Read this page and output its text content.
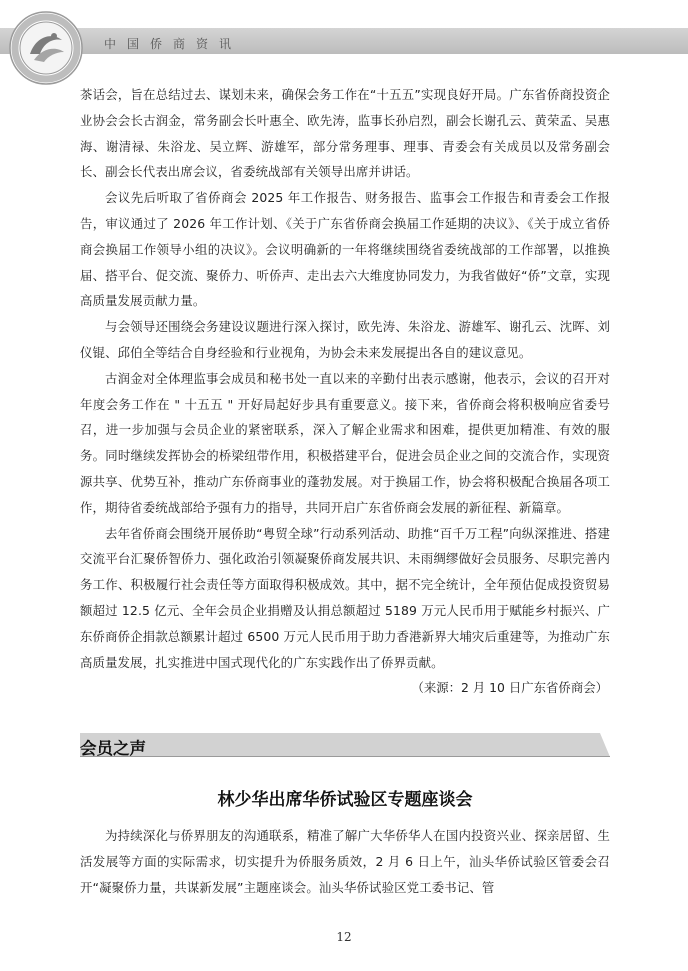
中国侨商资讯

茶话会，旨在总结过去、谋划未来，确保会务工作在“十五五”实现良好开局。广东省侨商投资企业协会会长古润金，常务副会长叶惠全、欧先涛，监事长孙启烈，副会长谢孔云、黄荣孟、吴惠海、谢清禄、朱浴龙、吴立辉、游雄军，部分常务理事、理事、青委会有关成员以及常务副会长、副会长代表出席会议，省委统战部有关领导出席并讲话。

会议先后听取了省侨商会 2025 年工作报告、财务报告、监事会工作报告和青委会工作报告，审议通过了 2026 年工作计划、《关于广东省侨商会换届工作延期的决议》、《关于成立省侨商会换届工作领导小组的决议》。会议明确新的一年将继续围绕省委统战部的工作部署，以推换届、搭平台、促交流、聚侨力、听侨声、走出去六大维度协同发力，为我省做好“侨”文章，实现高质量发展贡献力量。

与会领导还围绕会务建设议题进行深入探讨，欧先涛、朱浴龙、游雄军、谢孔云、沈晖、刘仪锟、邱伯全等结合自身经验和行业视角，为协会未来发展提出各自的建议意见。

古润金对全体理监事会成员和秘书处一直以来的辛勤付出表示感谢，他表示，会议的召开对年度会务工作在 " 十五五 " 开好局起好步具有重要意义。接下来，省侨商会将积极响应省委号召，进一步加强与会员企业的紧密联系，深入了解企业需求和困难，提供更加精准、有效的服务。同时继续发挥协会的桥梁纽带作用，积极搭建平台，促进会员企业之间的交流合作，实现资源共享、优势互补，推动广东侨商事业的蓬勃发展。对于换届工作，协会将积极配合换届各项工作，期待省委统战部给予强有力的指导，共同开启广东省侨商会发展的新征程、新篇章。

去年省侨商会围绕开展侨助“粤贸全球”行动系列活动、助推“百千万工程”向纵深推进、搭建交流平台汇聚侨智侨力、强化政治引领凝聚侨商发展共识、未雨绸缪做好会员服务、尽职完善内务工作、积极履行社会责任等方面取得积极成效。其中，据不完全统计，全年预估促成投资贸易额超过 12.5 亿元、全年会员企业捐赠及认捐总额超过 5189 万元人民币用于赋能乡村振兴、广东侨商侨企捐款总额累计超过 6500 万元人民币用于助力香港新界大埔灾后重建等，为推动广东高质量发展，扎实推进中国式现代化的广东实践作出了侨界贡献。

（来源：2 月 10 日广东省侨商会）

会员之声
林少华出席华侨试验区专题座谈会

为持续深化与侨界朋友的沟通联系，精准了解广大华侨华人在国内投资兴业、探亲居留、生活发展等方面的实际需求，切实提升为侨服务质效，2 月 6 日上午，汕头华侨试验区管委会召开“凝聚侨力量，共谋新发展”主题座谈会。汕头华侨试验区党工委书记、管

12
